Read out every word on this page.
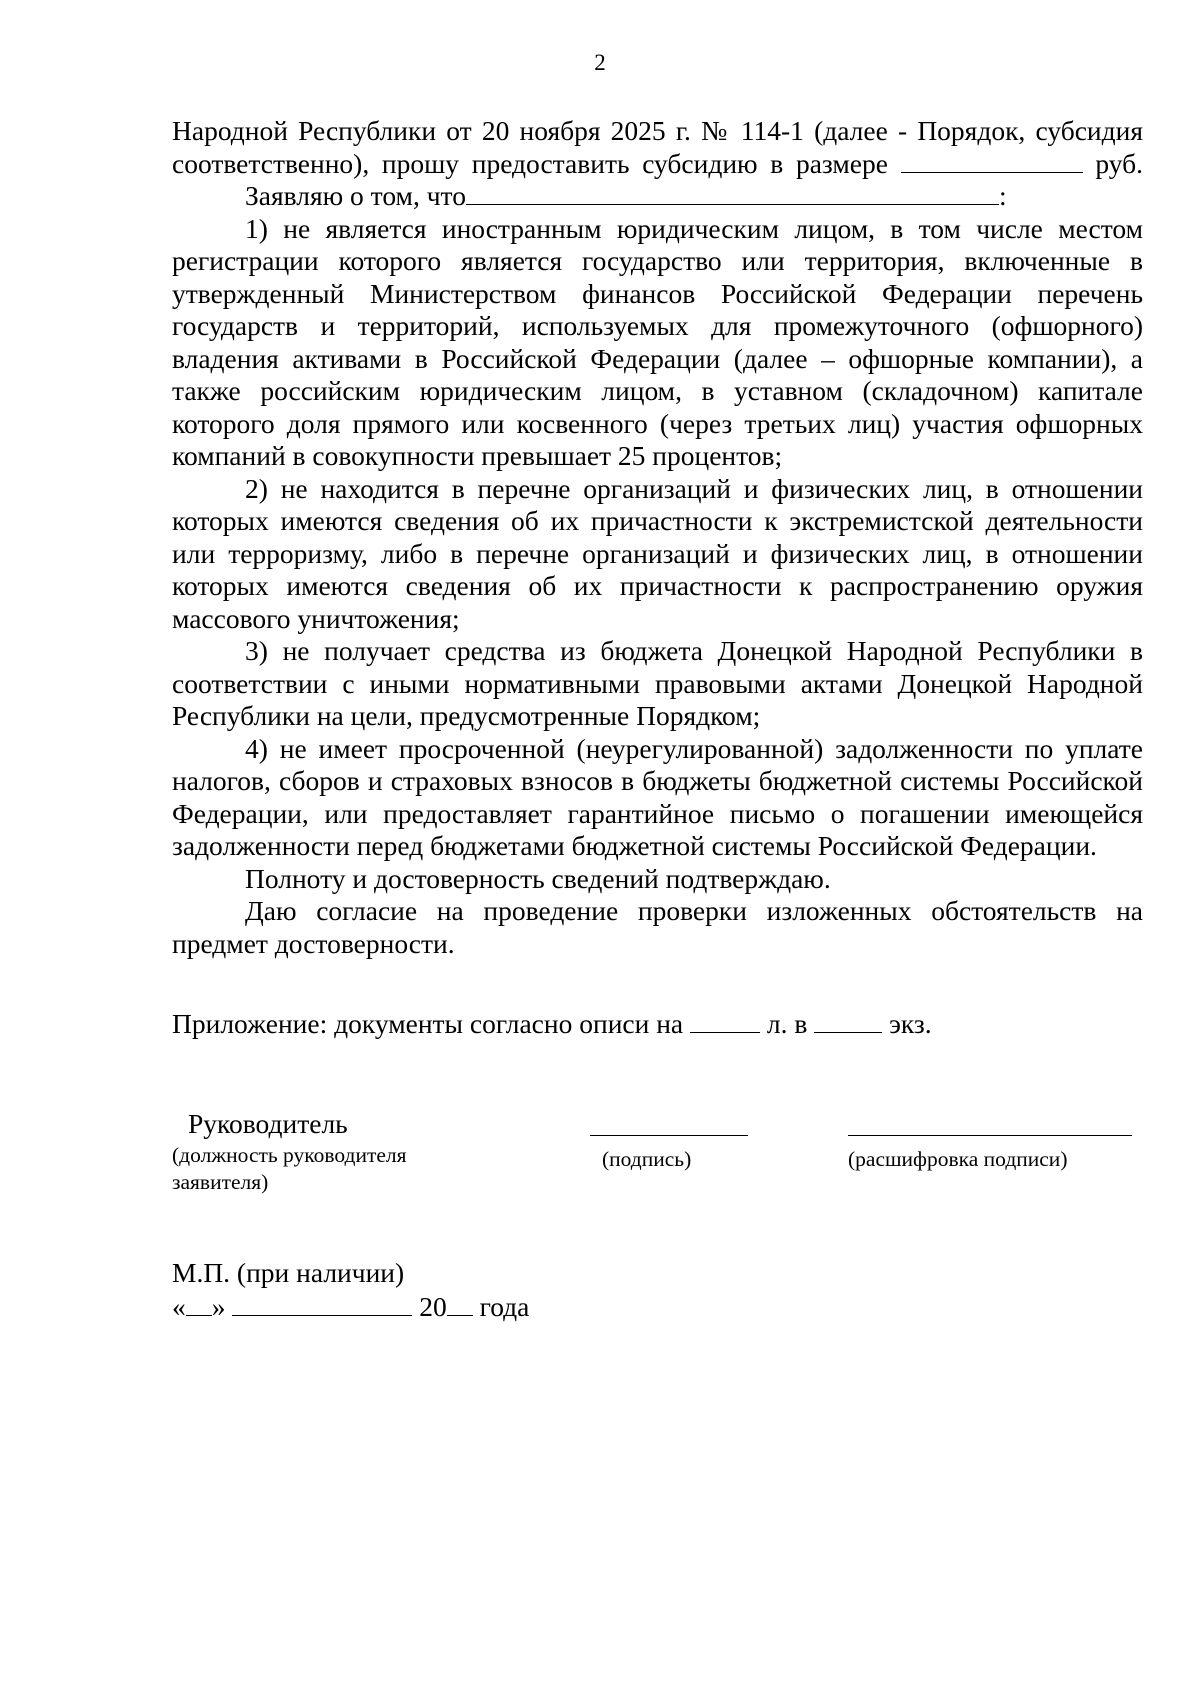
2

Народной Республики от 20 ноября 2025 г. № 114-1 (далее - Порядок, субсидия соответственно), прошу предоставить субсидию в размере	руб.

Заявляю о том, что	:

1) не является иностранным юридическим лицом, в том числе местом регистрации которого является государство или территория, включенные в утвержденный Министерством финансов Российской Федерации перечень государств и территорий, используемых для промежуточного (офшорного) владения активами в Российской Федерации (далее – офшорные компании), а также российским юридическим лицом, в уставном (складочном) капитале которого доля прямого или косвенного (через третьих лиц) участия офшорных компаний в совокупности превышает 25 процентов;

2) не находится в перечне организаций и физических лиц, в отношении которых имеются сведения об их причастности к экстремистской деятельности или терроризму, либо в перечне организаций и физических лиц, в отношении которых имеются сведения об их причастности к распространению оружия массового уничтожения;

3) не получает средства из бюджета Донецкой Народной Республики в соответствии с иными нормативными правовыми актами Донецкой Народной Республики на цели, предусмотренные Порядком;

4) не имеет просроченной (неурегулированной) задолженности по уплате налогов, сборов и страховых взносов в бюджеты бюджетной системы Российской Федерации, или предоставляет гарантийное письмо о погашении имеющейся задолженности перед бюджетами бюджетной системы Российской Федерации.

Полноту и достоверность сведений подтверждаю.

Даю согласие на проведение проверки изложенных обстоятельств на предмет достоверности.

Приложение: документы согласно описи на	л. в	экз.
Руководитель
(должность руководителя заявителя)
(подпись)	(расшифровка подписи)
М.П. (при наличии)
« »	20 года
